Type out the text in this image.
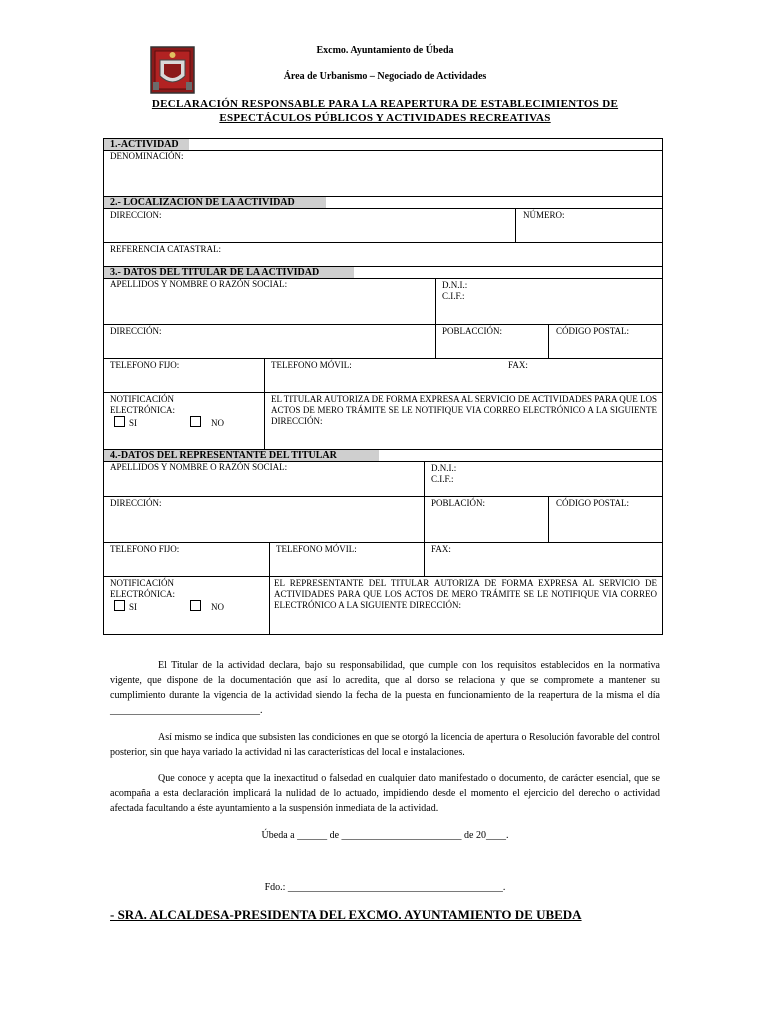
Excmo. Ayuntamiento de Úbeda
Área de Urbanismo – Negociado de Actividades
DECLARACIÓN RESPONSABLE PARA LA REAPERTURA DE ESTABLECIMIENTOS DE
ESPECTÁCULOS PÚBLICOS Y ACTIVIDADES RECREATIVAS
1.-ACTIVIDAD
DENOMINACIÓN:
2.- LOCALIZACION DE LA ACTIVIDAD
DIRECCION:	NÚMERO:
REFERENCIA CATASTRAL:
3.- DATOS DEL TITULAR DE LA ACTIVIDAD
APELLIDOS Y NOMBRE O RAZÓN SOCIAL:	D.N.I.:
C.I.F.:
DIRECCIÓN:	POBLACCIÓN:	CÓDIGO POSTAL:
TELEFONO FIJO:	TELEFONO MÓVIL:	FAX:
NOTIFICACIÓN
ELECTRÓNICA:
SI	NO
EL TITULAR AUTORIZA DE FORMA EXPRESA AL SERVICIO DE ACTIVIDADES PARA QUE LOS ACTOS DE MERO TRÁMITE SE LE NOTIFIQUE VIA CORREO ELECTRÓNICO A LA SIGUIENTE DIRECCIÓN:
4.-DATOS DEL REPRESENTANTE DEL TITULAR
APELLIDOS Y NOMBRE O RAZÓN SOCIAL:	D.N.I.:
C.I.F.:
DIRECCIÓN:	POBLACIÓN:	CÓDIGO POSTAL:
TELEFONO FIJO:	TELEFONO MÓVIL:	FAX:
NOTIFICACIÓN
ELECTRÓNICA:
SI	NO
EL REPRESENTANTE DEL TITULAR AUTORIZA DE FORMA EXPRESA AL SERVICIO DE ACTIVIDADES PARA QUE LOS ACTOS DE MERO TRÁMITE SE LE NOTIFIQUE VIA CORREO ELECTRÓNICO A LA SIGUIENTE DIRECCIÓN:
El Titular de la actividad declara, bajo su responsabilidad, que cumple con los requisitos establecidos en la normativa vigente, que dispone de la documentación que así lo acredita, que al dorso se relaciona y que se compromete a mantener su cumplimiento durante la vigencia de la actividad siendo la fecha de la puesta en funcionamiento de la reapertura de la misma el día ______________________________.
Así mismo se indica que subsisten las condiciones en que se otorgó la licencia de apertura o Resolución favorable del control posterior, sin que haya variado la actividad ni las características del local e instalaciones.
Que conoce y acepta que la inexactitud o falsedad en cualquier dato manifestado o documento, de carácter esencial, que se acompaña a esta declaración implicará la nulidad de lo actuado, impidiendo desde el momento el ejercicio del derecho o actividad afectada facultando a éste ayuntamiento a la suspensión inmediata de la actividad.
Úbeda a ______ de ________________________ de 20____.
Fdo.: ___________________________________________.
- SRA. ALCALDESA-PRESIDENTA DEL EXCMO. AYUNTAMIENTO DE UBEDA
